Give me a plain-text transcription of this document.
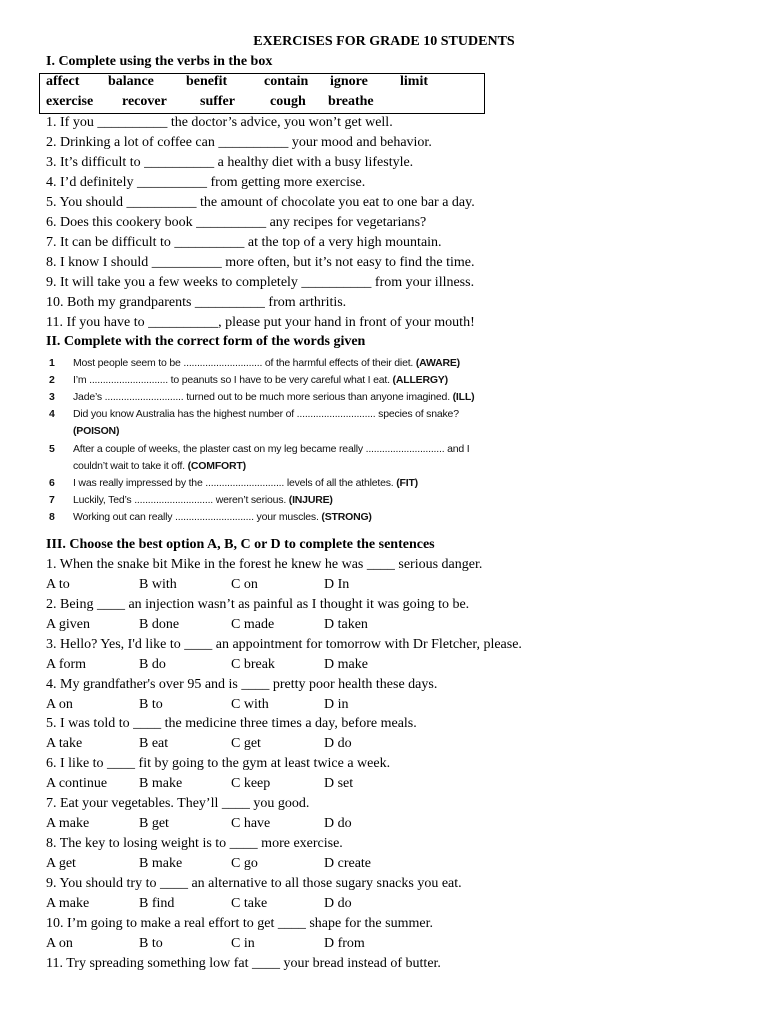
EXERCISES FOR GRADE 10 STUDENTS
I. Complete using the verbs in the box
affect balance benefit	contain ignore limit
exercise recover suffer	cough breathe
1. If you __________ the doctor’s advice, you won’t get well.
2. Drinking a lot of coffee can __________ your mood and behavior.
3. It’s difficult to __________ a healthy diet with a busy lifestyle.
4. I’d definitely __________ from getting more exercise.
5. You should __________ the amount of chocolate you eat to one bar a day.
6. Does this cookery book __________ any recipes for vegetarians?
7. It can be difficult to __________ at the top of a very high mountain.
8. I know I should __________ more often, but it’s not easy to find the time.
9. It will take you a few weeks to completely __________ from your illness.
10. Both my grandparents __________ from arthritis.
11. If you have to __________, please put your hand in front of your mouth!
II. Complete with the correct form of the words given
1 Most people seem to be ............................. of the harmful effects of their diet. (AWARE)
2 I’m ............................. to peanuts so I have to be very careful what I eat. (ALLERGY)
3 Jade’s ............................. turned out to be much more serious than anyone imagined. (ILL)
4 Did you know Australia has the highest number of ............................. species of snake?
(POISON)
5 After a couple of weeks, the plaster cast on my leg became really ............................. and I
couldn’t wait to take it off. (COMFORT)
6 I was really impressed by the ............................. levels of all the athletes. (FIT)
7 Luckily, Ted’s ............................. weren’t serious. (INJURE)
8 Working out can really ............................. your muscles. (STRONG)
III. Choose the best option A, B, C or D to complete the sentences
1. When the snake bit Mike in the forest he knew he was ____ serious danger.
A to	B with	C on	D In
2. Being ____ an injection wasn’t as painful as I thought it was going to be.
A given	B done	C made	D taken
3. Hello? Yes, I'd like to ____ an appointment for tomorrow with Dr Fletcher, please.
A form	B do	C break	D make
4. My grandfather's over 95 and is ____ pretty poor health these days.
A on	B to	C with	D in
5. I was told to ____ the medicine three times a day, before meals.
A take	B eat	C get	D do
6. I like to ____ fit by going to the gym at least twice a week.
A continue B make	C keep	D set
7. Eat your vegetables. They’ll ____ you good.
A make	B get	C have	D do
8. The key to losing weight is to ____ more exercise.
A get	B make	C go	D create
9. You should try to ____ an alternative to all those sugary snacks you eat.
A make	B find	C take	D do
10. I’m going to make a real effort to get ____ shape for the summer.
A on	B to	C in	D from
11. Try spreading something low fat ____ your bread instead of butter.
